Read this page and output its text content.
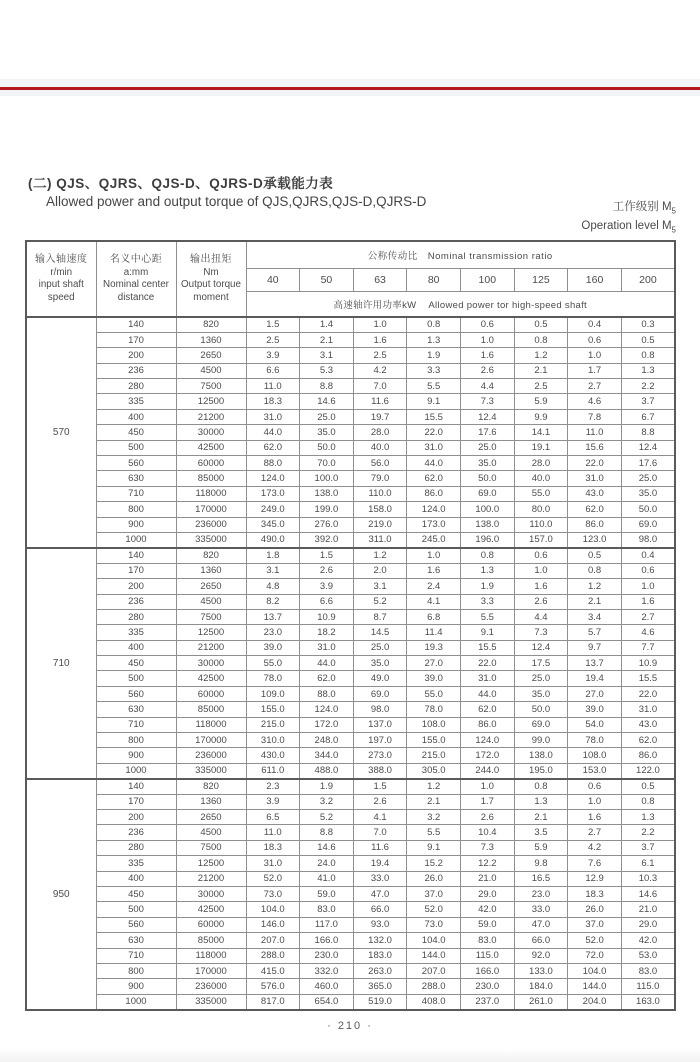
(二) QJS、QJRS、QJS-D、QJRS-D承载能力表
Allowed power and output torque of QJS,QJRS,QJS-D,QJRS-D	工作级别 $M_5$
Operation level $M_5$
输入轴速度
r/min
input shaft
speed

名义中心距
a:mm
Nominal center
distance

输出扭矩
Nm
Output torque
moment
	公称传动比 Nominal transmission ratio
			40	50	63	80	100	125	160	200
			高速轴许用功率kW Allowed power tor high-speed shaft							
570	140	820	1.5	1.4	1.0	0.8	0.6	0.5	0.4	0.3
	170	1360	2.5	2.1	1.6	1.3	1.0	0.8	0.6	0.5
	200	2650	3.9	3.1	2.5	1.9	1.6	1.2	1.0	0.8
	236	4500	6.6	5.3	4.2	3.3	2.6	2.1	1.7	1.3
	280	7500	11.0	8.8	7.0	5.5	4.4	2.5	2.7	2.2
	335	12500	18.3	14.6	11.6	9.1	7.3	5.9	4.6	3.7
	400	21200	31.0	25.0	19.7	15.5	12.4	9.9	7.8	6.7
	450	30000	44.0	35.0	28.0	22.0	17.6	14.1	11.0	8.8
	500	42500	62.0	50.0	40.0	31.0	25.0	19.1	15.6	12.4
	560	60000	88.0	70.0	56.0	44.0	35.0	28.0	22.0	17.6
	630	85000	124.0	100.0	79.0	62.0	50.0	40.0	31.0	25.0
	710	118000	173.0	138.0	110.0	86.0	69.0	55.0	43.0	35.0
	800	170000	249.0	199.0	158.0	124.0	100.0	80.0	62.0	50.0
	900	236000	345.0	276.0	219.0	173.0	138.0	110.0	86.0	69.0
	1000	335000	490.0	392.0	311.0	245.0	196.0	157.0	123.0	98.0
710	140	820	1.8	1.5	1.2	1.0	0.8	0.6	0.5	0.4
	170	1360	3.1	2.6	2.0	1.6	1.3	1.0	0.8	0.6
	200	2650	4.8	3.9	3.1	2.4	1.9	1.6	1.2	1.0
	236	4500	8.2	6.6	5.2	4.1	3.3	2.6	2.1	1.6
	280	7500	13.7	10.9	8.7	6.8	5.5	4.4	3.4	2.7
	335	12500	23.0	18.2	14.5	11.4	9.1	7.3	5.7	4.6
	400	21200	39.0	31.0	25.0	19.3	15.5	12.4	9.7	7.7
	450	30000	55.0	44.0	35.0	27.0	22.0	17.5	13.7	10.9
	500	42500	78.0	62.0	49.0	39.0	31.0	25.0	19.4	15.5
	560	60000	109.0	88.0	69.0	55.0	44.0	35.0	27.0	22.0
	630	85000	155.0	124.0	98.0	78.0	62.0	50.0	39.0	31.0
	710	118000	215.0	172.0	137.0	108.0	86.0	69.0	54.0	43.0
	800	170000	310.0	248.0	197.0	155.0	124.0	99.0	78.0	62.0
	900	236000	430.0	344.0	273.0	215.0	172.0	138.0	108.0	86.0
	1000	335000	611.0	488.0	388.0	305.0	244.0	195.0	153.0	122.0
950	140	820	2.3	1.9	1.5	1.2	1.0	0.8	0.6	0.5
	170	1360	3.9	3.2	2.6	2.1	1.7	1.3	1.0	0.8
	200	2650	6.5	5.2	4.1	3.2	2.6	2.1	1.6	1.3
	236	4500	11.0	8.8	7.0	5.5	10.4	3.5	2.7	2.2
	280	7500	18.3	14.6	11.6	9.1	7.3	5.9	4.2	3.7
	335	12500	31.0	24.0	19.4	15.2	12.2	9.8	7.6	6.1
	400	21200	52.0	41.0	33.0	26.0	21.0	16.5	12.9	10.3
	450	30000	73.0	59.0	47.0	37.0	29.0	23.0	18.3	14.6
	500	42500	104.0	83.0	66.0	52.0	42.0	33.0	26.0	21.0
	560	60000	146.0	117.0	93.0	73.0	59.0	47.0	37.0	29.0
	630	85000	207.0	166.0	132.0	104.0	83.0	66.0	52.0	42.0
	710	118000	288.0	230.0	183.0	144.0	115.0	92.0	72.0	53.0
	800	170000	415.0	332.0	263.0	207.0	166.0	133.0	104.0	83.0
	900	236000	576.0	460.0	365.0	288.0	230.0	184.0	144.0	115.0
	1000	335000	817.0	654.0	519.0	408.0	237.0	261.0	204.0	163.0
· 210 ·
